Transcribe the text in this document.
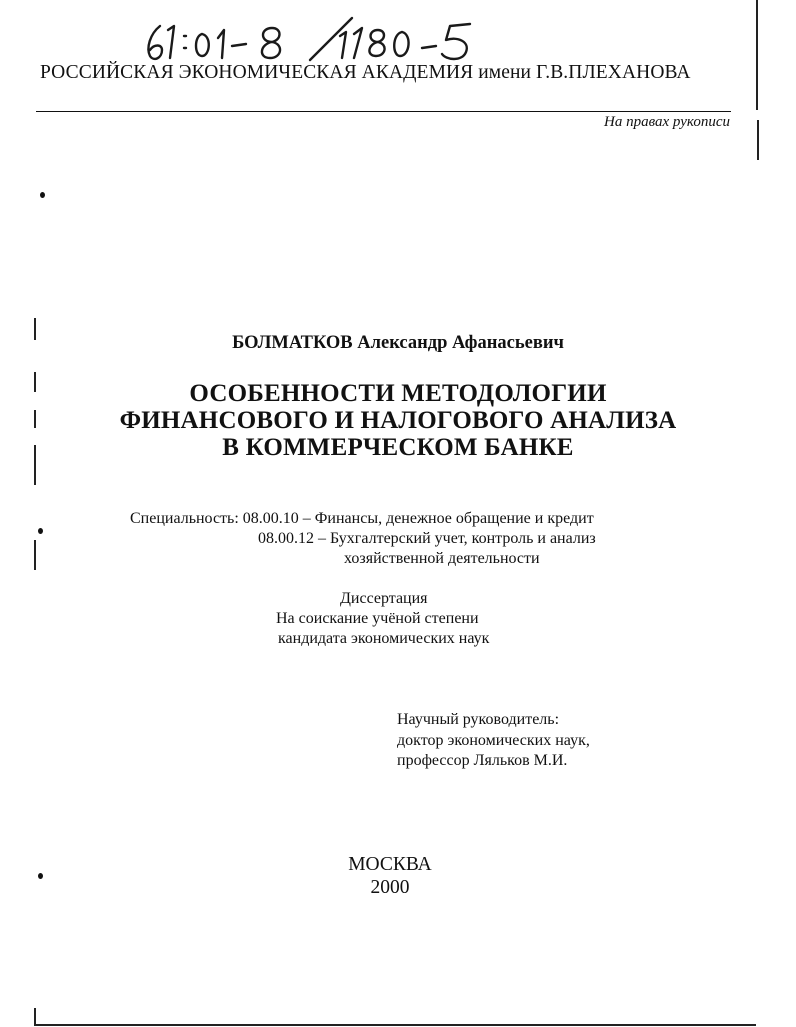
РОССИЙСКАЯ ЭКОНОМИЧЕСКАЯ АКАДЕМИЯ имени Г.В.ПЛЕХАНОВА
На правах рукописи
БОЛМАТКОВ Александр Афанасьевич
ОСОБЕННОСТИ МЕТОДОЛОГИИ
ФИНАНСОВОГО И НАЛОГОВОГО АНАЛИЗА
В КОММЕРЧЕСКОМ БАНКЕ
Специальность: 08.00.10 – Финансы, денежное обращение и кредит
08.00.12 – Бухгалтерский учет, контроль и анализ
хозяйственной деятельности
Диссертация
На соискание учёной степени
кандидата экономических наук
Научный руководитель:
доктор экономических наук,
профессор Ляльков М.И.
МОСКВА
2000
